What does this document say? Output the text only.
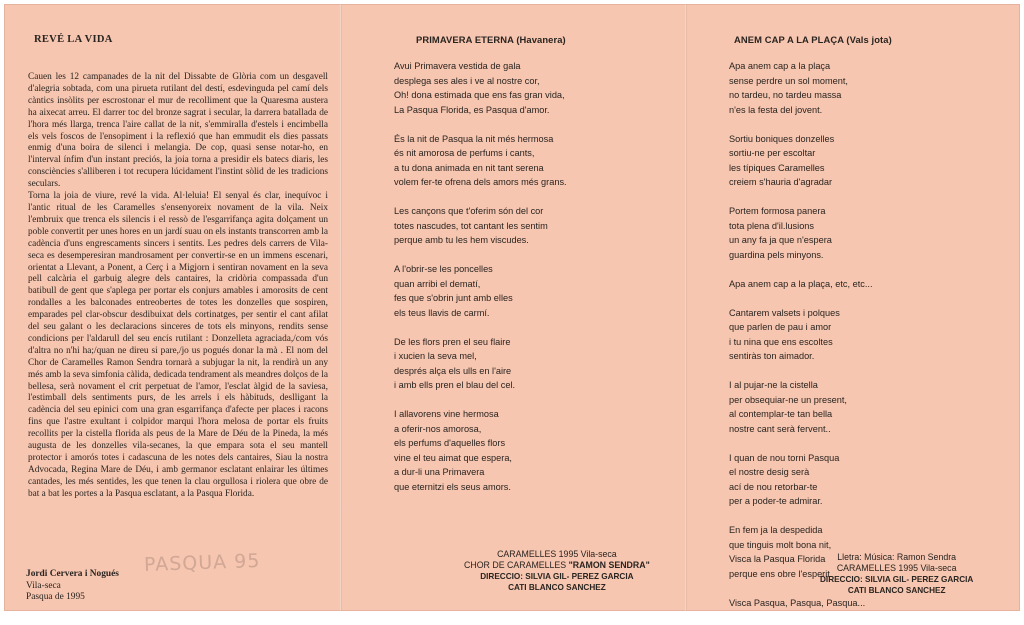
REVÉ LA VIDA

Cauen les 12 campanades de la nit del Dissabte de Glòria com un desgavell d'alegria sobtada, com una pirueta rutilant del destí, esdevinguda pel camí dels càntics insòlits per escrostonar el mur de recolliment que la Quaresma austera ha aixecat arreu. El darrer toc del bronze sagrat i secular, la darrera batallada de l'hora més llarga, trenca l'aire callat de la nit, s'emmiralla d'estels i encimbella els vels foscos de l'ensopiment i la reflexió que han emmudit els dies passats enmig d'una boira de silenci i melangia. De cop, quasi sense notar-ho, en l'interval ínfim d'un instant preciós, la joia torna a presidir els batecs diaris, les consciències s'alliberen i tot recupera lúcidament l'instint sòlid de les tradicions seculars.

Torna la joia de viure, revé la vida. Al·leluia! El senyal és clar, inequívoc i l'antic ritual de les Caramelles s'ensenyoreix novament de la vila. Neix l'embruix que trenca els silencis i el ressò de l'esgarrifança agita dolçament un poble convertit per unes hores en un jardí suau on els instants transcorren amb la cadència d'uns engrescaments sincers i sentits. Les pedres dels carrers de Vila-seca es desemperesiran mandrosament per convertir-se en un immens escenari, orientat a Llevant, a Ponent, a Cerç i a Migjorn i sentiran novament en la seva pell calcària el garbuig alegre dels cantaires, la cridòria compassada d'un batibull de gent que s'aplega per portar els conjurs amables i amorosits de cent rondalles a les balconades entreobertes de totes les donzelles que sospiren, emparades pel clar-obscur desdibuixat dels cortinatges, per sentir el cant afilat del seu galant o les declaracions sinceres de tots els minyons, rendits sense condicions per l'aldarull del seu encís rutilant : Donzelleta agraciada,/com vós d'altra no n'hi ha;/quan ne direu si pare,/jo us pogués donar la mà . El nom del Chor de Caramelles Ramon Sendra tornarà a subjugar la nit, la rendirà un any més amb la seva simfonia càlida, dedicada tendrament als meandres dolços de la bellesa, serà novament el crit perpetuat de l'amor, l'esclat àlgid de la saviesa, l'estimball dels sentiments purs, de les arrels i els hàbituds, deslligant la cadència del seu epinici com una gran esgarrifança d'afecte per places i racons fins que l'astre exultant i colpidor marqui l'hora melosa de portar els fruits recollits per la cistella florida als peus de la Mare de Déu de la Pineda, la més augusta de les donzelles vila-secanes, la que empara sota el seu mantell protector i amorós totes i cadascuna de les notes dels cantaires, Siau la nostra Advocada, Regina Mare de Déu, i amb germanor esclatant enlairar les últimes cantades, les més sentides, les que tenen la clau orgullosa i riolera que obre de bat a bat les portes a la Pasqua esclatant, a la Pasqua Florida.

PASQUA 95
Jordi Cervera i Nogués
Vila-seca
Pasqua de 1995
PRIMAVERA ETERNA (Havanera)
Avui Primavera vestida de gala
desplega ses ales i ve al nostre cor,
Oh! dona estimada que ens fas gran vida,
La Pasqua Florida, es Pasqua d'amor.
És la nit de Pasqua la nit més hermosa
és nit amorosa de perfums i cants,
a tu dona animada en nit tant serena
volem fer-te ofrena dels amors més grans.
Les cançons que t'oferim són del cor
totes nascudes, tot cantant les sentim
perque amb tu les hem viscudes.
A l'obrir-se les poncelles
quan arribi el dematí,
fes que s'obrin junt amb elles
els teus llavis de carmí.
De les flors pren el seu flaire
i xucien la seva mel,
després alça els ulls en l'aire
i amb ells pren el blau del cel.
I allavorens vine hermosa
a oferir-nos amorosa,
els perfums d'aquelles flors
vine el teu aimat que espera,
a dur-li una Primavera
que eternitzi els seus amors.
CARAMELLES 1995 Vila-seca
CHOR DE CARAMELLES "RAMON SENDRA"
DIRECCIO: SILVIA GIL- PEREZ GARCIA
CATI BLANCO SANCHEZ
ANEM CAP A LA PLAÇA (Vals jota)
Apa anem cap a la plaça
sense perdre un sol moment,
no tardeu, no tardeu massa
n'es la festa del jovent.
Sortiu boniques donzelles
sortiu-ne per escoltar
les típiques Caramelles
creiem s'hauria d'agradar
Portem formosa panera
tota plena d'il.lusions
un any fa ja que n'espera
guardina pels minyons.
Apa anem cap a la plaça, etc, etc...
Cantarem valsets i polques
que parlen de pau i amor
i tu nina que ens escoltes
sentiràs ton aimador.
I al pujar-ne la cistella
per obsequiar-ne un present,
al contemplar-te tan bella
nostre cant serà fervent..
I quan de nou torni Pasqua
el nostre desig serà
ací de nou retorbar-te
per a poder-te admirar.
En fem ja la despedida
que tinguis molt bona nit,
Visca la Pasqua Florida
perque ens obre l'esperit.
Visca Pasqua, Pasqua, Pasqua...
Lletra: Música: Ramon Sendra
CARAMELLES 1995 Vila-seca
DIRECCIO: SILVIA GIL- PEREZ GARCIA
CATI BLANCO SANCHEZ
